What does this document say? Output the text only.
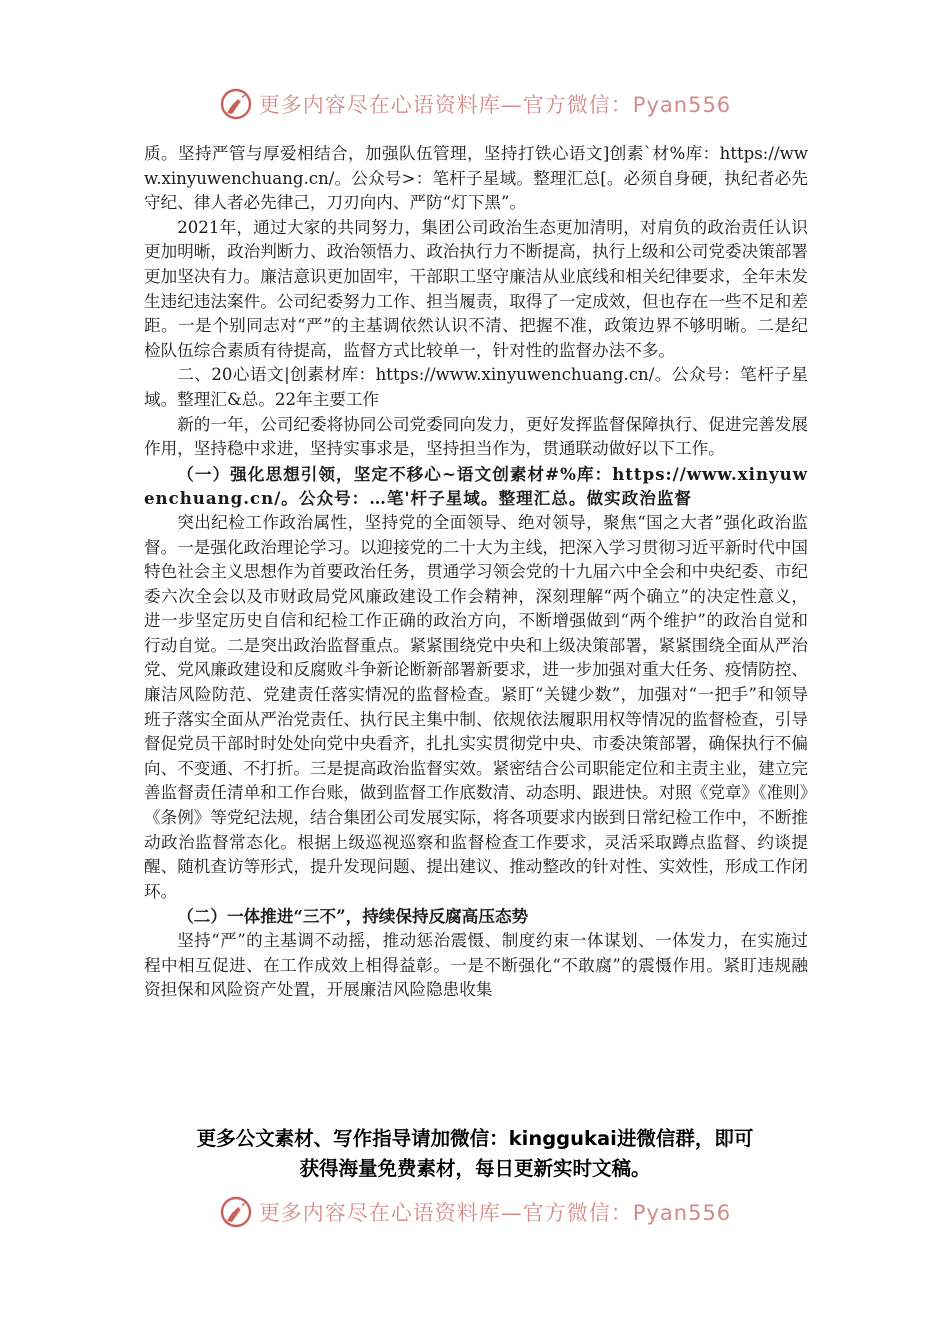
更多内容尽在心语资料库—官方微信：Pyan556

质。坚持严管与厚爱相结合，加强队伍管理，坚持打铁心语文]创素`材%库：https://www.xinyuwenchuang.cn/。公众号>：笔杆子星域。整理汇总[。必须自身硬，执纪者必先守纪、律人者必先律己，刀刃向内、严防“灯下黑”。

2021年，通过大家的共同努力，集团公司政治生态更加清明，对肩负的政治责任认识更加明晰，政治判断力、政治领悟力、政治执行力不断提高，执行上级和公司党委决策部署更加坚决有力。廉洁意识更加固牢，干部职工坚守廉洁从业底线和相关纪律要求，全年未发生违纪违法案件。公司纪委努力工作、担当履责，取得了一定成效，但也存在一些不足和差距。一是个别同志对“严”的主基调依然认识不清、把握不准，政策边界不够明晰。二是纪检队伍综合素质有待提高，监督方式比较单一，针对性的监督办法不多。

二、20心语文|创素材库：https://www.xinyuwenchuang.cn/。公众号：笔杆子星域。整理汇&总。22年主要工作

新的一年，公司纪委将协同公司党委同向发力，更好发挥监督保障执行、促进完善发展作用，坚持稳中求进，坚持实事求是，坚持担当作为，贯通联动做好以下工作。

（一）强化思想引领，坚定不移心~语文创素材#%库：https://www.xinyuwenchuang.cn/。公众号：…笔'杆子星域。整理汇总。做实政治监督

突出纪检工作政治属性，坚持党的全面领导、绝对领导，聚焦“国之大者”强化政治监督。一是强化政治理论学习。以迎接党的二十大为主线，把深入学习贯彻习近平新时代中国特色社会主义思想作为首要政治任务，贯通学习领会党的十九届六中全会和中央纪委、市纪委六次全会以及市财政局党风廉政建设工作会精神，深刻理解“两个确立”的决定性意义，进一步坚定历史自信和纪检工作正确的政治方向，不断增强做到“两个维护”的政治自觉和行动自觉。二是突出政治监督重点。紧紧围绕党中央和上级决策部署，紧紧围绕全面从严治党、党风廉政建设和反腐败斗争新论断新部署新要求，进一步加强对重大任务、疫情防控、廉洁风险防范、党建责任落实情况的监督检查。紧盯“关键少数”，加强对“一把手”和领导班子落实全面从严治党责任、执行民主集中制、依规依法履职用权等情况的监督检查，引导督促党员干部时时处处向党中央看齐，扎扎实实贯彻党中央、市委决策部署，确保执行不偏向、不变通、不打折。三是提高政治监督实效。紧密结合公司职能定位和主责主业，建立完善监督责任清单和工作台账，做到监督工作底数清、动态明、跟进快。对照《党章》《准则》《条例》等党纪法规，结合集团公司发展实际，将各项要求内嵌到日常纪检工作中，不断推动政治监督常态化。根据上级巡视巡察和监督检查工作要求，灵活采取蹲点监督、约谈提醒、随机查访等形式，提升发现问题、提出建议、推动整改的针对性、实效性，形成工作闭环。

（二）一体推进“三不”，持续保持反腐高压态势

坚持“严”的主基调不动摇，推动惩治震慑、制度约束一体谋划、一体发力，在实施过程中相互促进、在工作成效上相得益彰。一是不断强化“不敢腐”的震慑作用。紧盯违规融资担保和风险资产处置，开展廉洁风险隐患收集

更多公文素材、写作指导请加微信：kinggukai进微信群，即可
获得海量免费素材，每日更新实时文稿。
更多内容尽在心语资料库—官方微信：Pyan556
